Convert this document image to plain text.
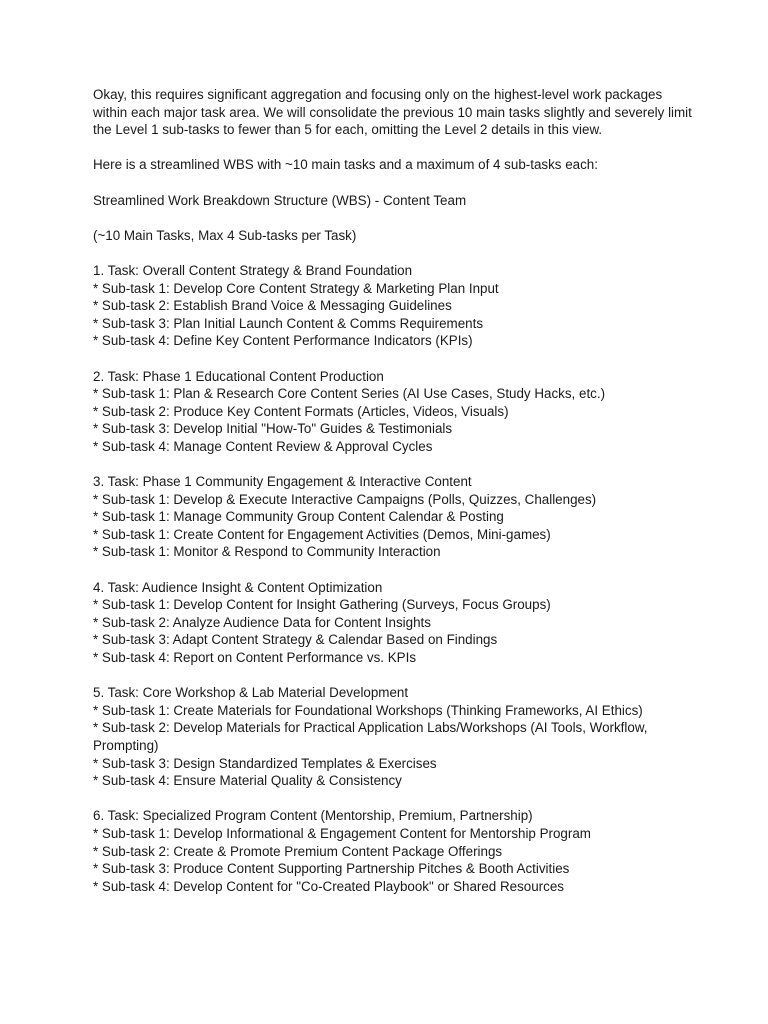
Okay, this requires significant aggregation and focusing only on the highest-level work packages within each major task area. We will consolidate the previous 10 main tasks slightly and severely limit the Level 1 sub-tasks to fewer than 5 for each, omitting the Level 2 details in this view.

Here is a streamlined WBS with ~10 main tasks and a maximum of 4 sub-tasks each:

Streamlined Work Breakdown Structure (WBS) - Content Team

(~10 Main Tasks, Max 4 Sub-tasks per Task)

1. Task: Overall Content Strategy & Brand Foundation
* Sub-task 1: Develop Core Content Strategy & Marketing Plan Input
* Sub-task 2: Establish Brand Voice & Messaging Guidelines
* Sub-task 3: Plan Initial Launch Content & Comms Requirements
* Sub-task 4: Define Key Content Performance Indicators (KPIs)
2. Task: Phase 1 Educational Content Production
* Sub-task 1: Plan & Research Core Content Series (AI Use Cases, Study Hacks, etc.)
* Sub-task 2: Produce Key Content Formats (Articles, Videos, Visuals)
* Sub-task 3: Develop Initial "How-To" Guides & Testimonials
* Sub-task 4: Manage Content Review & Approval Cycles
3. Task: Phase 1 Community Engagement & Interactive Content
* Sub-task 1: Develop & Execute Interactive Campaigns (Polls, Quizzes, Challenges)
* Sub-task 1: Manage Community Group Content Calendar & Posting
* Sub-task 1: Create Content for Engagement Activities (Demos, Mini-games)
* Sub-task 1: Monitor & Respond to Community Interaction
4. Task: Audience Insight & Content Optimization
* Sub-task 1: Develop Content for Insight Gathering (Surveys, Focus Groups)
* Sub-task 2: Analyze Audience Data for Content Insights
* Sub-task 3: Adapt Content Strategy & Calendar Based on Findings
* Sub-task 4: Report on Content Performance vs. KPIs
5. Task: Core Workshop & Lab Material Development
* Sub-task 1: Create Materials for Foundational Workshops (Thinking Frameworks, AI Ethics)
* Sub-task 2: Develop Materials for Practical Application Labs/Workshops (AI Tools, Workflow, Prompting)
* Sub-task 3: Design Standardized Templates & Exercises
* Sub-task 4: Ensure Material Quality & Consistency
6. Task: Specialized Program Content (Mentorship, Premium, Partnership)
* Sub-task 1: Develop Informational & Engagement Content for Mentorship Program
* Sub-task 2: Create & Promote Premium Content Package Offerings
* Sub-task 3: Produce Content Supporting Partnership Pitches & Booth Activities
* Sub-task 4: Develop Content for "Co-Created Playbook" or Shared Resources
